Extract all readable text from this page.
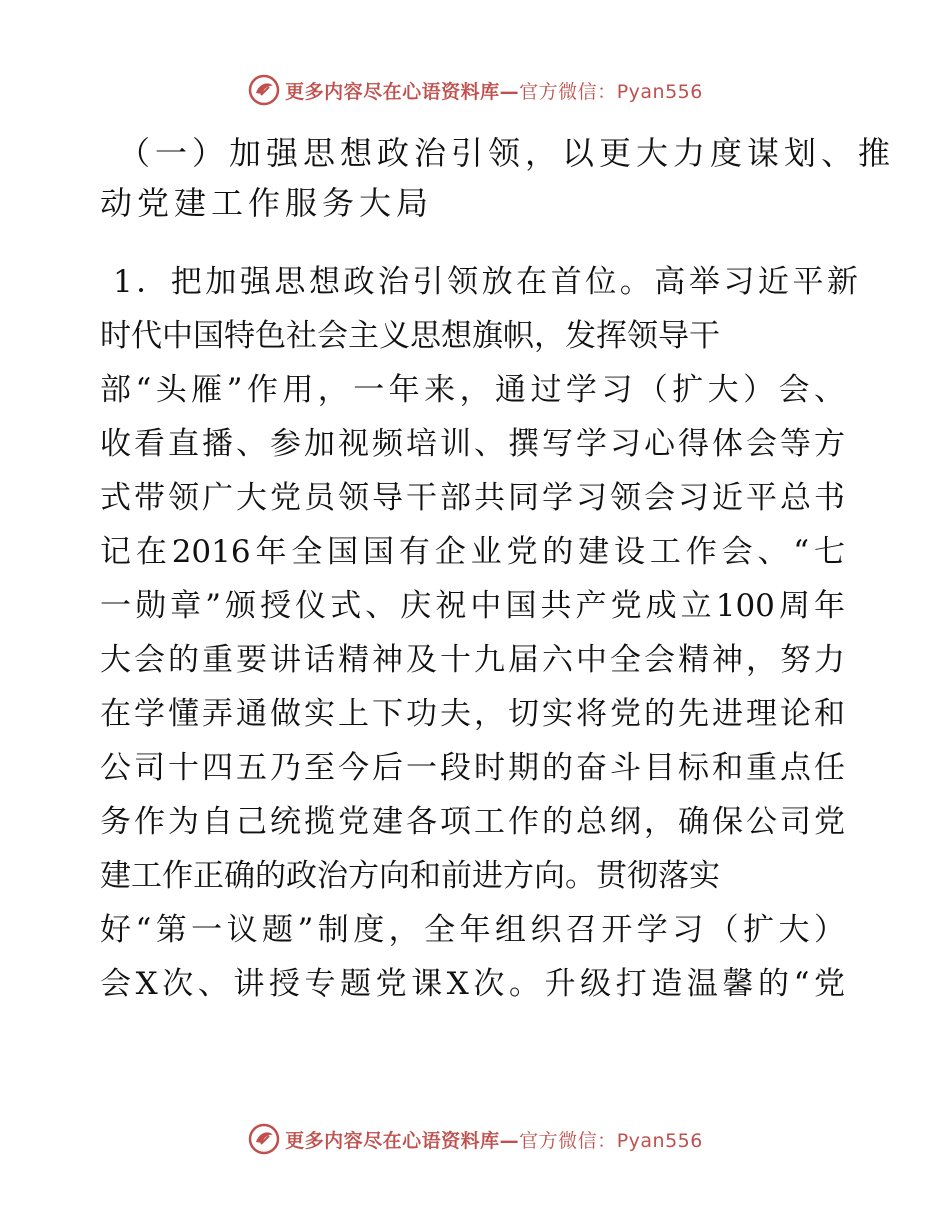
更多内容尽在心语资料库—官方微信：Pyan556
（一）加强思想政治引领，以更大力度谋划、推
动党建工作服务大局
1．把加强思想政治引领放在首位。高举习近平新
时代中国特色社会主义思想旗帜，发挥领导干
部“头雁”作用，一年来，通过学习（扩大）会、
收看直播、参加视频培训、撰写学习心得体会等方
式带领广大党员领导干部共同学习领会习近平总书
记在2016年全国国有企业党的建设工作会、“七
一勋章”颁授仪式、庆祝中国共产党成立100周年
大会的重要讲话精神及十九届六中全会精神，努力
在学懂弄通做实上下功夫，切实将党的先进理论和
公司十四五乃至今后一段时期的奋斗目标和重点任
务作为自己统揽党建各项工作的总纲，确保公司党
建工作正确的政治方向和前进方向。贯彻落实
好“第一议题”制度，全年组织召开学习（扩大）
会X次、讲授专题党课X次。升级打造温馨的“党
更多内容尽在心语资料库—官方微信：Pyan556
